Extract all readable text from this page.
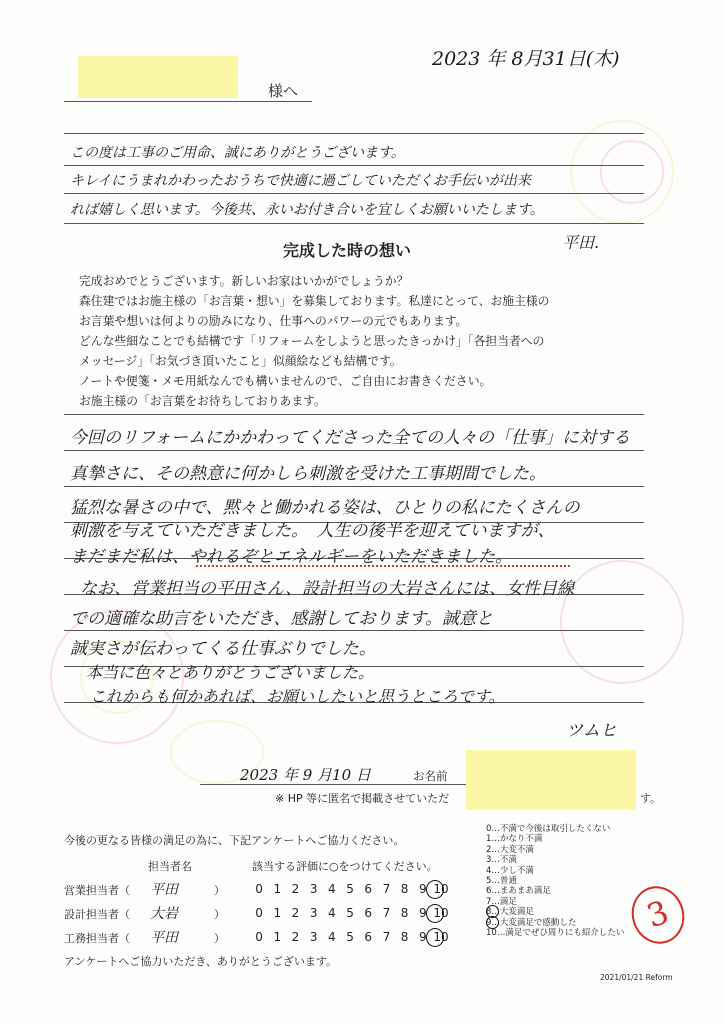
2023 年 8月31日(木)
様へ
この度は工事のご用命、誠にありがとうございます。
キレイにうまれかわったおうちで快適に過ごしていただくお手伝いが出来
れば嬉しく思います。今後共、永いお付き合いを宜しくお願いいたします。
平田.
完成した時の想い
完成おめでとうございます。新しいお家はいかがでしょうか？
森住建ではお施主様の「お言葉・想い」を募集しております。私達にとって、お施主様の
お言葉や想いは何よりの励みになり、仕事へのパワーの元でもあります。
どんな些細なことでも結構です「リフォームをしようと思ったきっかけ」「各担当者への
メッセージ」「お気づき頂いたこと」似顔絵なども結構です。
ノートや便箋・メモ用紙なんでも構いませんので、ご自由にお書きください。
お施主様の「お言葉をお待ちしておりあます。
今回のリフォームにかかわってくださった全ての人々の「仕事」に対する
真摯さに、その熱意に何かしら刺激を受けた工事期間でした。
猛烈な暑さの中で、黙々と働かれる姿は、ひとりの私にたくさんの
刺激を与えていただきました。　人生の後半を迎えていますが、
まだまだ私は、やれるぞとエネルギーをいただきました。
なお、営業担当の平田さん、設計担当の大岩さんには、女性目線
での適確な助言をいただき、感謝しております。誠意と
誠実さが伝わってくる仕事ぶりでした。
本当に色々とありがとうございました。
これからも何かあれば、お願いしたいと思うところです。
ツムヒ
2023 年 9 月10 日	お名前
※ HP 等に匿名で掲載させていただ	す。
今後の更なる皆様の満足の為に、下記アンケートへご協力ください。
担当者名	該当する評価に○をつけてください。
営業担当者（ 平田	）	0 1 2 3 4 5 6 7 8 9 10
設計担当者（ 大岩	）	0 1 2 3 4 5 6 7 8 9 10
工務担当者（ 平田	）	0 1 2 3 4 5 6 7 8 9 10
アンケートへご協力いただき、ありがとうございます。
0…不満で今後は取引したくない
1…かなり不満
2…大変不満
3…不満
4…少し不満
5…普通
6…まあまあ満足
7…満足
8…大変満足
9…大変満足で感動した
10…満足でぜひ周りにも紹介したい 3
2021/01/21 Reform
